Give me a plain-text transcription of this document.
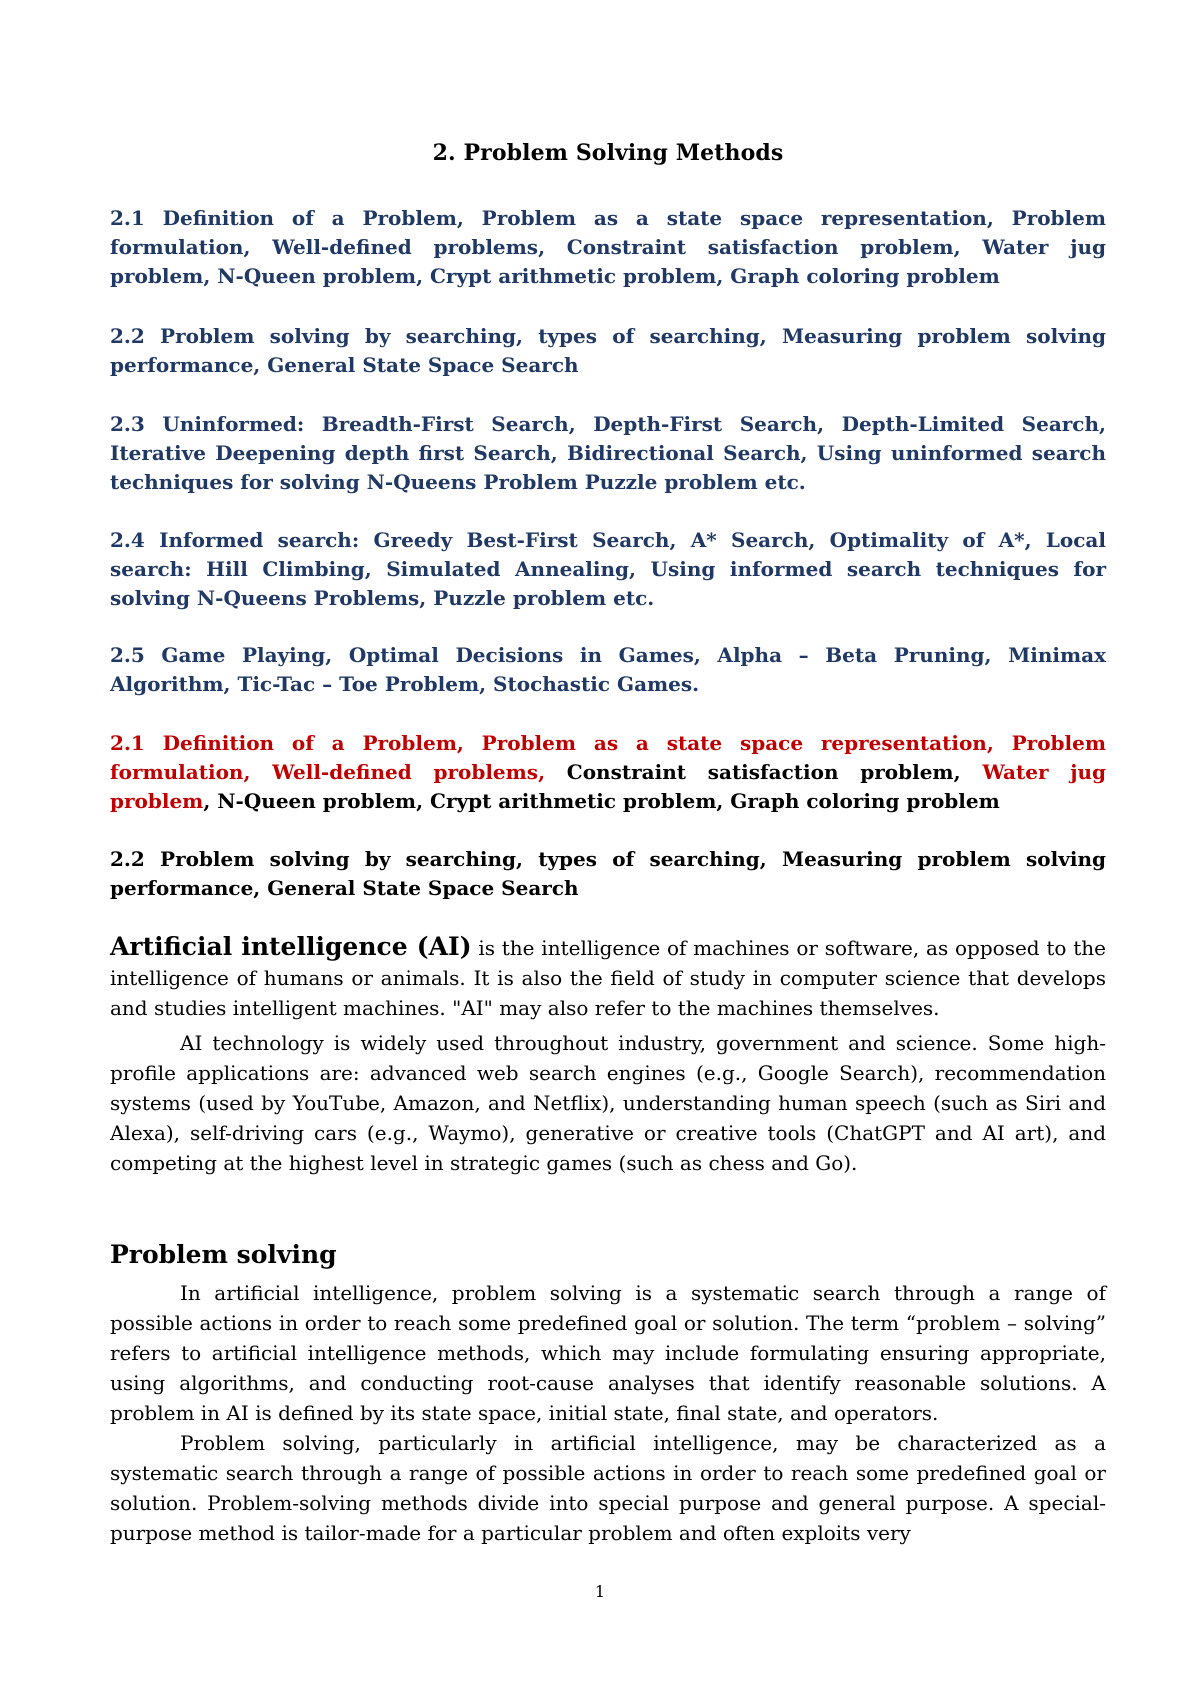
2. Problem Solving Methods
2.1 Definition of a Problem, Problem as a state space representation, Problem formulation, Well-defined problems, Constraint satisfaction problem, Water jug problem, N-Queen problem, Crypt arithmetic problem, Graph coloring problem
2.2 Problem solving by searching, types of searching, Measuring problem solving performance, General State Space Search
2.3 Uninformed: Breadth-First Search, Depth-First Search, Depth-Limited Search, Iterative Deepening depth first Search, Bidirectional Search, Using uninformed search techniques for solving N-Queens Problem Puzzle problem etc.
2.4 Informed search: Greedy Best-First Search, A* Search, Optimality of A*, Local search: Hill Climbing, Simulated Annealing, Using informed search techniques for solving N-Queens Problems, Puzzle problem etc.
2.5 Game Playing, Optimal Decisions in Games, Alpha – Beta Pruning, Minimax Algorithm, Tic-Tac – Toe Problem, Stochastic Games.
2.1 Definition of a Problem, Problem as a state space representation, Problem formulation, Well-defined problems, Constraint satisfaction problem, Water jug problem, N-Queen problem, Crypt arithmetic problem, Graph coloring problem
2.2 Problem solving by searching, types of searching, Measuring problem solving performance, General State Space Search
Artificial intelligence (AI) is the intelligence of machines or software, as opposed to the intelligence of humans or animals. It is also the field of study in computer science that develops and studies intelligent machines. "AI" may also refer to the machines themselves.
AI technology is widely used throughout industry, government and science. Some high-profile applications are: advanced web search engines (e.g., Google Search), recommendation systems (used by YouTube, Amazon, and Netflix), understanding human speech (such as Siri and Alexa), self-driving cars (e.g., Waymo), generative or creative tools (ChatGPT and AI art), and competing at the highest level in strategic games (such as chess and Go).
Problem solving
In artificial intelligence, problem solving is a systematic search through a range of possible actions in order to reach some predefined goal or solution. The term “problem – solving” refers to artificial intelligence methods, which may include formulating ensuring appropriate, using algorithms, and conducting root-cause analyses that identify reasonable solutions. A problem in AI is defined by its state space, initial state, final state, and operators.
Problem solving, particularly in artificial intelligence, may be characterized as a systematic search through a range of possible actions in order to reach some predefined goal or solution. Problem-solving methods divide into special purpose and general purpose. A special-purpose method is tailor-made for a particular problem and often exploits very
1
